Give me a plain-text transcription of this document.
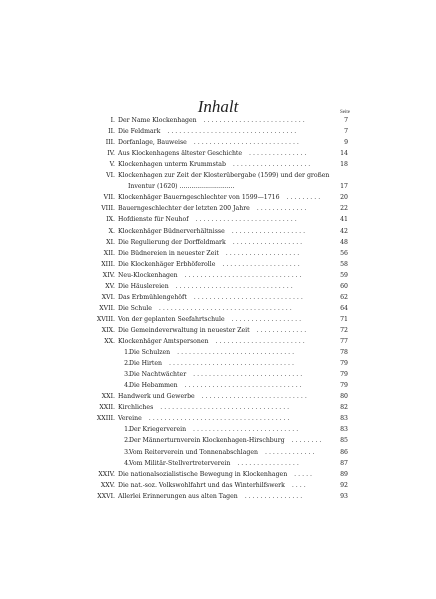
Inhalt	Seite
I. Der Name Klockenhagen ..........................	7
II. Die Feldmark .................................	7
III. Dorfanlage, Bauweise ...........................	9
IV. Aus Klockenhagens ältester Geschichte ...............	14
V. Klockenhagen unterm Krummstab ....................	18
VI. Klockenhagen zur Zeit der Klosterübergabe (1599) und der großen
Inventur (1620) ............................	17
VII. Klockenhäger Bauerngeschlechter von 1599—1716 .........	20
VIII. Bauerngeschlechter der letzten 200 Jahre .............	22
IX. Hofdienste für Neuhof ..........................	41
X. Klockenhäger Büdnerverhältnisse ...................	42
XI. Die Regulierung der Dorffeldmark ..................	48
XII. Die Büdnereien in neuester Zeit ...................	56
XIII. Die Klockenhäger Erbhöferolle ....................	58
XIV. Neu-Klockenhagen ..............................	59
XV. Die Häuslereien ..............................	60
XVI. Das Erbmühlengehöft ............................	62
XVII. Die Schule ..................................	64
XVIII. Von der geplanten Seefahrtschule ..................	71
XIX. Die Gemeindeverwaltung in neuester Zeit .............	72
XX. Klockenhäger Amtspersonen .......................	77
1. Die Schulzen ..............................	78
2. Die Hirten ................................	79
3. Die Nachtwächter ............................	79
4. Die Hebammen ..............................	79
XXI. Handwerk und Gewerbe ...........................	80
XXII. Kirchliches .................................	82
XXIII. Vereine ....................................	83
1. Der Kriegerverein ...........................	83
2. Der Männerturnverein Klockenhagen-Hirschburg ........	85
3. Vom Reiterverein und Tonnenabschlagen .............	86
4. Vom Militär-Stellvertreterverein ................	87
XXIV. Die nationalsozialistische Bewegung in Klockenhagen .....	89
XXV. Die nat.-soz. Volkswohlfahrt und das Winterhilfswerk ....	92
XXVI. Allerlei Erinnerungen aus alten Tagen ...............	93
